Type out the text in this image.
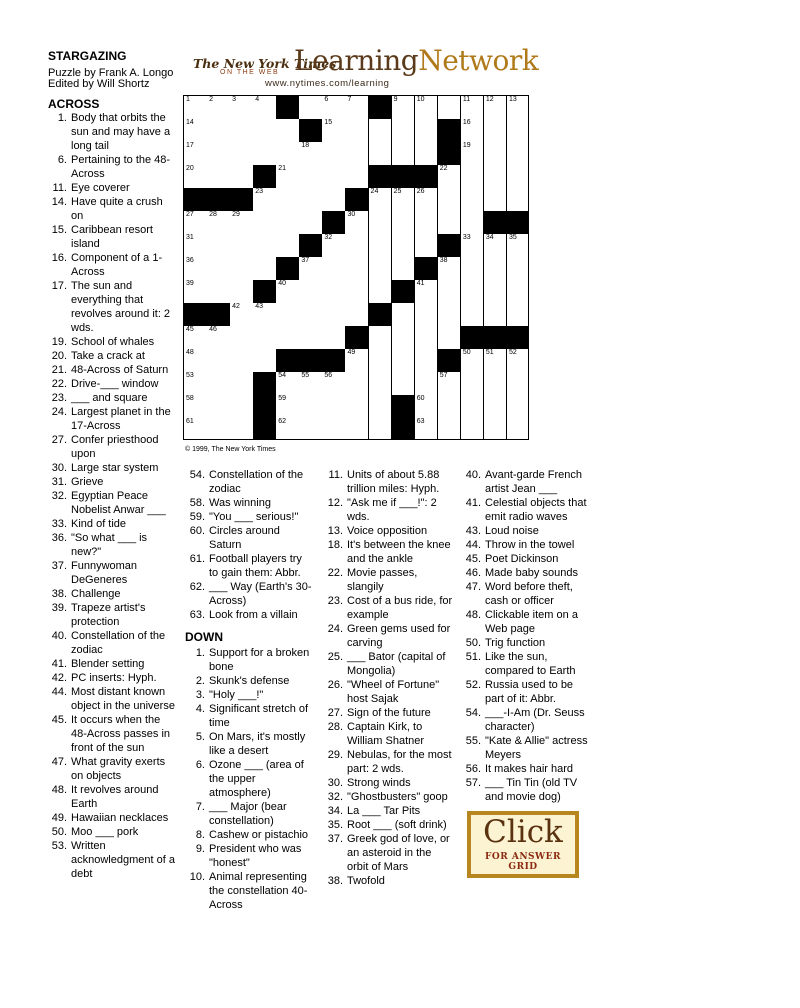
STARGAZING
Puzzle by Frank A. Longo
Edited by Will Shortz
The New York Times
ON THE WEB LearningNetwork
www.nytimes.com/learning
ACROSS	1	2	3	4	5	6	7	8	9	10	11 12 13
14	15	16
17	18	19
20	21	22
23	24 25 26
27 28 29	30
31	32	33 34 35
36	37	38
39	40	41
42 43	44
45 46	47
48	49	50 51 52
53	54 55 56	57
58	59	60
61	62	63
© 1999, The New York Times
1. Body that orbits the sun and may have a long tail
6. Pertaining to the 48-Across
11. Eye coverer
14. Have quite a crush on
15. Caribbean resort island
16. Component of a 1-Across
17. The sun and everything that revolves around it: 2 wds.
19. School of whales
20. Take a crack at
21. 48-Across of Saturn
22. Drive-___ window
23. ___ and square
24. Largest planet in the 17-Across
27. Confer priesthood upon
30. Large star system
31. Grieve
32. Egyptian Peace Nobelist Anwar ___
33. Kind of tide
36. "So what ___ is new?"
37. Funnywoman DeGeneres
38. Challenge
39. Trapeze artist's protection
40. Constellation of the zodiac
41. Blender setting
42. PC inserts: Hyph.
44. Most distant known object in the universe
45. It occurs when the 48-Across passes in front of the sun
47. What gravity exerts on objects
48. It revolves around Earth
49. Hawaiian necklaces
50. Moo ___ pork
53. Written acknowledgment of a debt
54. Constellation of the zodiac
58. Was winning
59. "You ___ serious!"
60. Circles around Saturn
61. Football players try to gain them: Abbr.
62. ___ Way (Earth's 30-Across)
63. Look from a villain
DOWN
1. Support for a broken bone
2. Skunk's defense
3. "Holy ___!"
4. Significant stretch of time
5. On Mars, it's mostly like a desert
6. Ozone ___ (area of the upper atmosphere)
7. ___ Major (bear constellation)
8. Cashew or pistachio
9. President who was "honest"
10. Animal representing the constellation 40-Across
11. Units of about 5.88 trillion miles: Hyph.
12. "Ask me if ___!": 2 wds.
13. Voice opposition
18. It's between the knee and the ankle
22. Movie passes, slangily
23. Cost of a bus ride, for example
24. Green gems used for carving
25. ___ Bator (capital of Mongolia)
26. "Wheel of Fortune" host Sajak
27. Sign of the future
28. Captain Kirk, to William Shatner
29. Nebulas, for the most part: 2 wds.
30. Strong winds
32. "Ghostbusters" goop
34. La ___ Tar Pits
35. Root ___ (soft drink)
37. Greek god of love, or an asteroid in the orbit of Mars
38. Twofold
40. Avant-garde French artist Jean ___
41. Celestial objects that emit radio waves
43. Loud noise
44. Throw in the towel
45. Poet Dickinson
46. Made baby sounds
47. Word before theft, cash or officer
48. Clickable item on a Web page
50. Trig function
51. Like the sun, compared to Earth
52. Russia used to be part of it: Abbr.
54. ___-I-Am (Dr. Seuss character)
55. "Kate & Allie" actress Meyers
56. It makes hair hard
57. ___ Tin Tin (old TV and movie dog)
Click
FOR ANSWER
GRID
